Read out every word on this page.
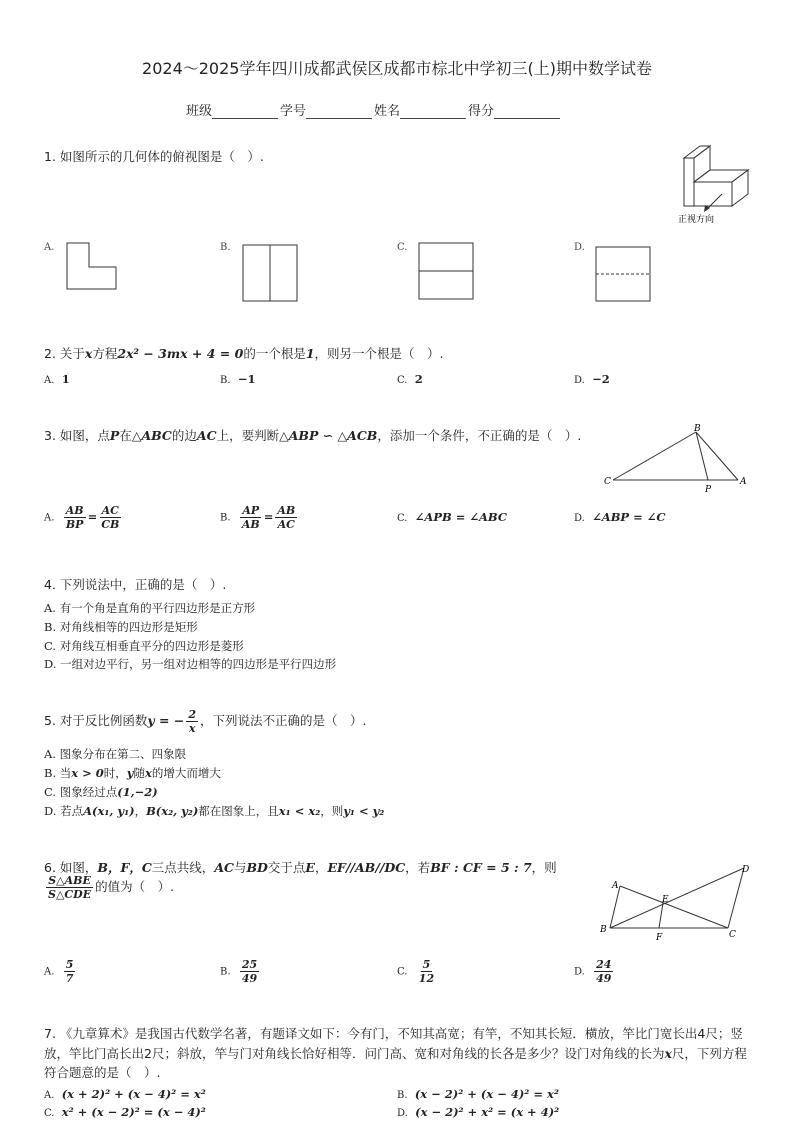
2024～2025学年四川成都武侯区成都市棕北中学初三(上)期中数学试卷
班级	学号	姓名	得分
1. 如图所示的几何体的俯视图是（　）.
正视方向
A.	B.	C.	D.
2. 关于x方程2x² − 3mx + 4 = 0的一个根是1，则另一个根是（　）.
A. 1	B. −1	C. 2	D. −2
3. 如图，点P在△ABC的边AC上，要判断△ABP ∽ △ACB，添加一个条件，不正确的是（　）.	B
C
P
A
A. $\frac{AB}{BP} = \frac{AC}{CB}$	B. $\frac{AP}{AB} = \frac{AB}{AC}$	C. ∠APB = ∠ABC	D. ∠ABP = ∠C
4. 下列说法中，正确的是（　）.
A. 有一个角是直角的平行四边形是正方形
B. 对角线相等的四边形是矩形
C. 对角线互相垂直平分的四边形是菱形
D. 一组对边平行，另一组对边相等的四边形是平行四边形
5. 对于反比例函数y = − $\frac{2}{x}$ ，下列说法不正确的是（　）.
A. 图象分布在第二、四象限
B. 当x > 0时，y随x的增大而增大
C. 图象经过点(1,−2)
D. 若点A(x₁, y₁)，B(x₂, y₂)都在图象上，且x₁ < x₂，则y₁ < y₂
6. 如图，B，F，C三点共线，AC与BD交于点E，EF//AB//DC，若BF : CF = 5 : 7，则
$\frac{\text{S△ABE}}{\text{S△CDE}}$ 的值为（　）.	A
B	C
D
E
F
A. $\frac{5}{7}$	B. $\frac{25}{49}$	C. $\frac{5}{12}$	D. $\frac{24}{49}$
7. 《九章算术》是我国古代数学名著，有题译文如下：今有门，不知其高宽；有竿，不知其长短．横放，竿比门宽长出4尺；竖
放，竿比门高长出2尺；斜放，竿与门对角线长恰好相等．问门高、宽和对角线的长各是多少？设门对角线的长为x尺，下列方程
符合题意的是（　）.
A. (x + 2)² + (x − 4)² = x²	B. (x − 2)² + (x − 4)² = x²
C. x² + (x − 2)² = (x − 4)²	D. (x − 2)² + x² = (x + 4)²
